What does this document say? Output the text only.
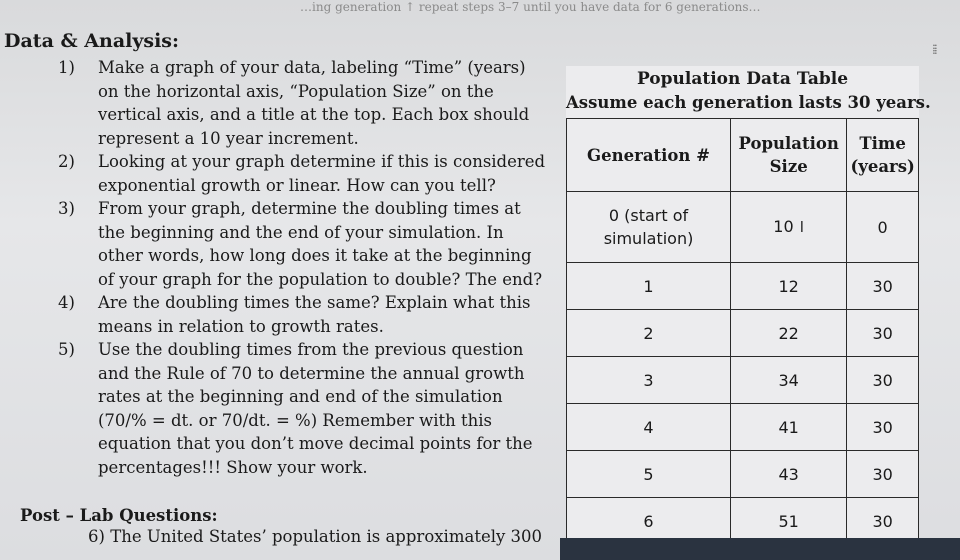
…ing generation ↑ repeat steps 3–7 until you have data for 6 generations…
Data & Analysis:	⁞⁞
1) Make a graph of your data, labeling “Time” (years) on the horizontal axis, “Population Size” on the vertical axis, and a title at the top. Each box should represent a 10 year increment.
2) Looking at your graph determine if this is considered exponential growth or linear. How can you tell?
3) From your graph, determine the doubling times at the beginning and the end of your simulation. In other words, how long does it take at the beginning of your graph for the population to double? The end?
4) Are the doubling times the same? Explain what this means in relation to growth rates.
5) Use the doubling times from the previous question and the Rule of 70 to determine the annual growth rates at the beginning and end of the simulation (70/% = dt. or 70/dt. = %) Remember with this equation that you don’t move decimal points for the percentages!!! Show your work.
Post – Lab Questions:
6) The United States’ population is approximately 300
Population Data Table
Assume each generation lasts 30 years.
Generation #	Population Size	Time (years)
0 (start of simulation)	10 I	0
1	12	30
2	22	30
3	34	30
4	41	30
5	43	30
6	51	30
